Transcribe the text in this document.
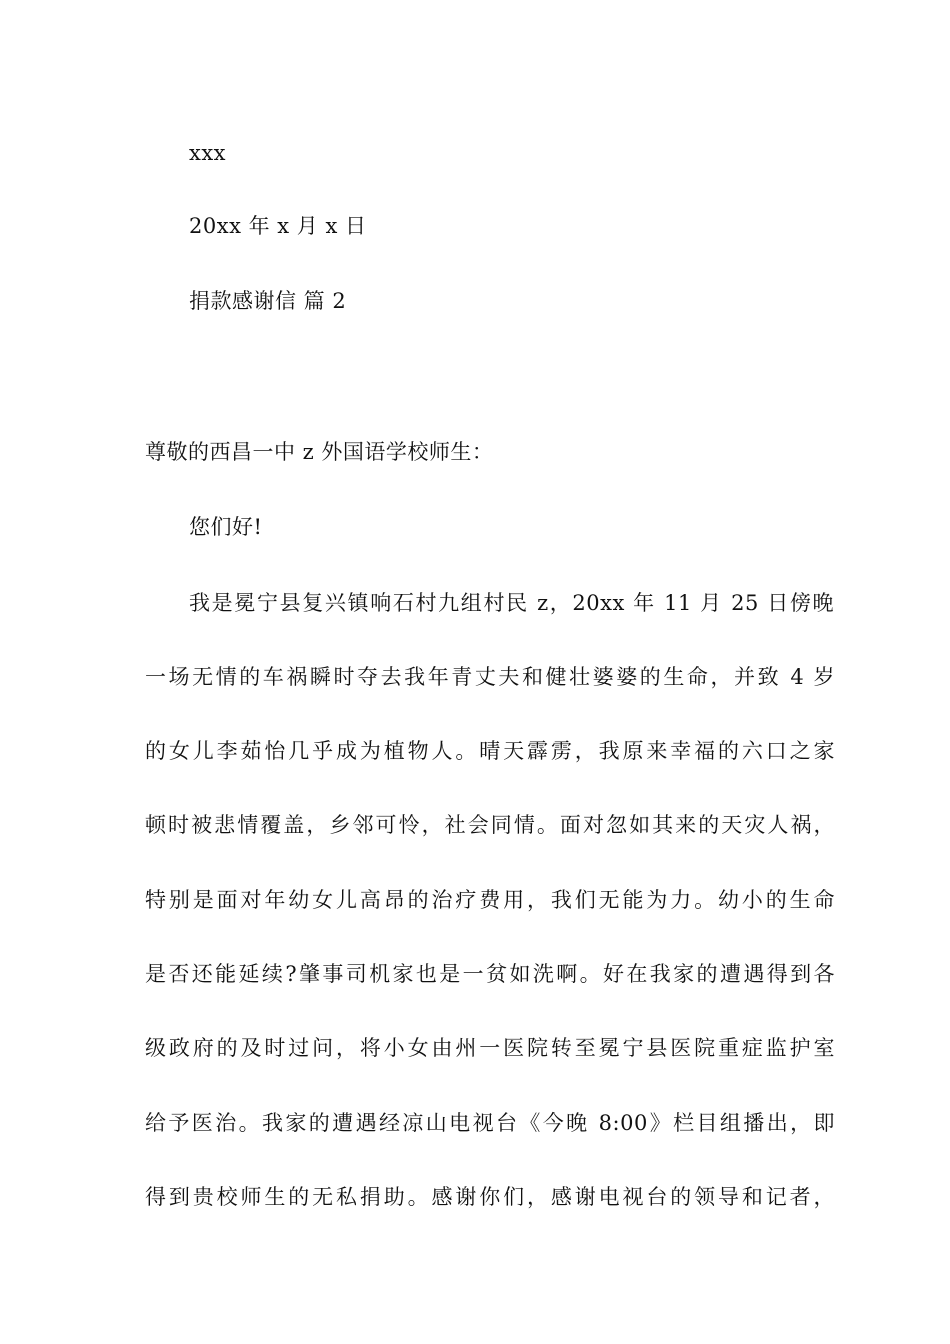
xxx
20xx 年 x 月 x 日
捐款感谢信 篇 2
尊敬的西昌一中 z 外国语学校师生：
您们好!
我是冕宁县复兴镇响石村九组村民 z，20xx 年 11 月 25 日傍晚
一场无情的车祸瞬时夺去我年青丈夫和健壮婆婆的生命，并致 4 岁
的女儿李茹怡几乎成为植物人。晴天霹雳，我原来幸福的六口之家
顿时被悲情覆盖，乡邻可怜，社会同情。面对忽如其来的天灾人祸，
特别是面对年幼女儿高昂的治疗费用，我们无能为力。幼小的生命
是否还能延续?肇事司机家也是一贫如洗啊。好在我家的遭遇得到各
级政府的及时过问，将小女由州一医院转至冕宁县医院重症监护室
给予医治。我家的遭遇经凉山电视台《今晚 8:00》栏目组播出，即
得到贵校师生的无私捐助。感谢你们，感谢电视台的领导和记者，
